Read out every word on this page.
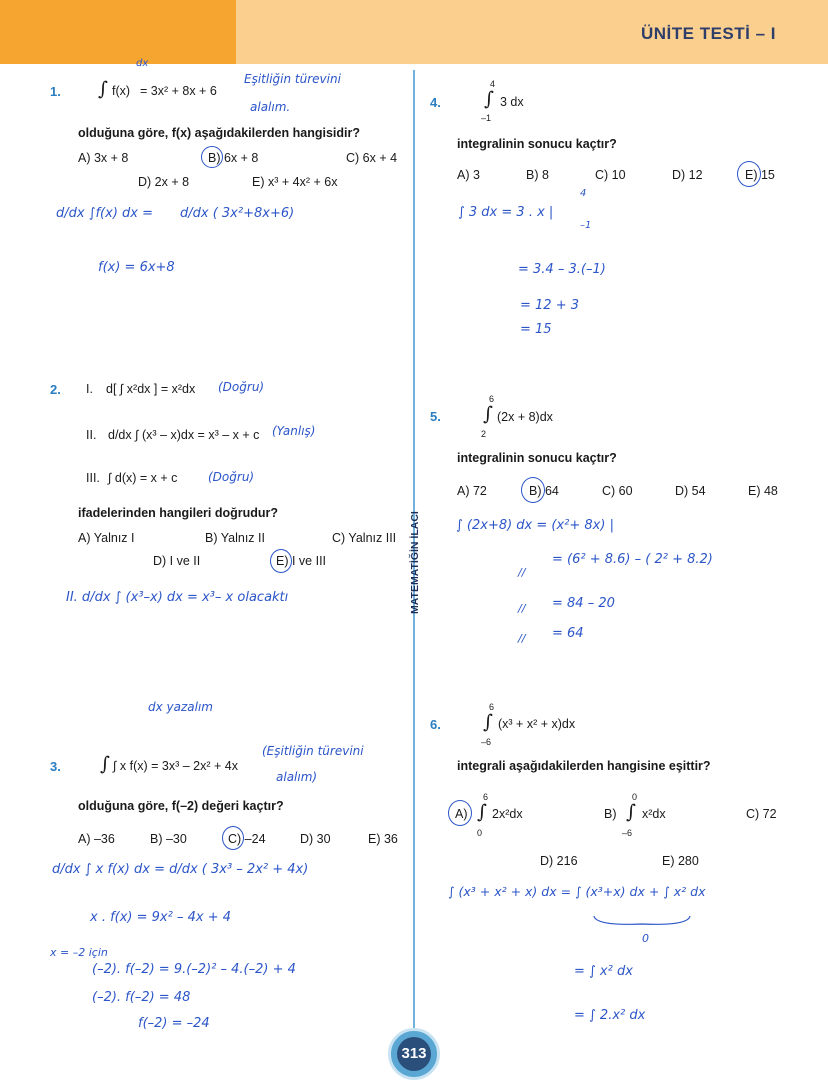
ÜNİTE TESTİ – I
MATEMATİĞİN İLACI
1. ∫ f(x) = 3x² + 8x + 6
dx
Eşitliğin türevini
alalım.
olduğuna göre, f(x) aşağıdakilerden hangisidir?
A) 3x + 8	B) 6x + 8	C) 6x + 4
D) 2x + 8	E) x³ + 4x² + 6x
d/dx ∫f(x) dx = d/dx ( 3x²+8x+6)
f(x) = 6x+8
2. I. d[ ∫ x²dx ] = x²dx (Doğru)
II. d/dx ∫ (x³ – x)dx = x³ – x + c (Yanlış)
III. ∫ d(x) = x + c	(Doğru)
ifadelerinden hangileri doğrudur?
A) Yalnız I	B) Yalnız II	C) Yalnız III
D) I ve II	E) I ve III
II. d/dx ∫ (x³–x) dx = x³– x olacaktı
dx yazalım
3. ∫ ∫ x f(x) = 3x³ – 2x² + 4x
(Eşitliğin türevini
alalım)
olduğuna göre, f(–2) değeri kaçtır?
A) –36	B) –30	C) –24	D) 30	E) 36
d/dx ∫ x f(x) dx = d/dx ( 3x³ – 2x² + 4x)
x . f(x) = 9x² – 4x + 4
x = –2 için
(–2). f(–2) = 9.(–2)² – 4.(–2) + 4
(–2). f(–2) = 48
f(–2) = –24
4.
4
∫
–1
3 dx
integralinin sonucu kaçtır?
A) 3	B) 8	C) 10	D) 12	E) 15
∫ 3 dx = 3 . x |
4
–1
= 3.4 – 3.(–1)
= 12 + 3
= 15
5.
6
∫
2
(2x + 8)dx
integralinin sonucu kaçtır?
A) 72	B) 64	C) 60	D) 54	E) 48
∫ (2x+8) dx = (x²+ 8x) |
//
= (6² + 8.6) – ( 2² + 8.2)
// = 84 – 20
// = 64
6.
6
∫
–6
(x³ + x² + x)dx
integrali aşağıdakilerden hangisine eşittir?
A)
6
∫
0
2x²dx	B)
0
∫
–6
x²dx	C) 72
D) 216	E) 280
∫ (x³ + x² + x) dx = ∫ (x³+x) dx + ∫ x² dx
0
= ∫ x² dx
= ∫ 2.x² dx
313
